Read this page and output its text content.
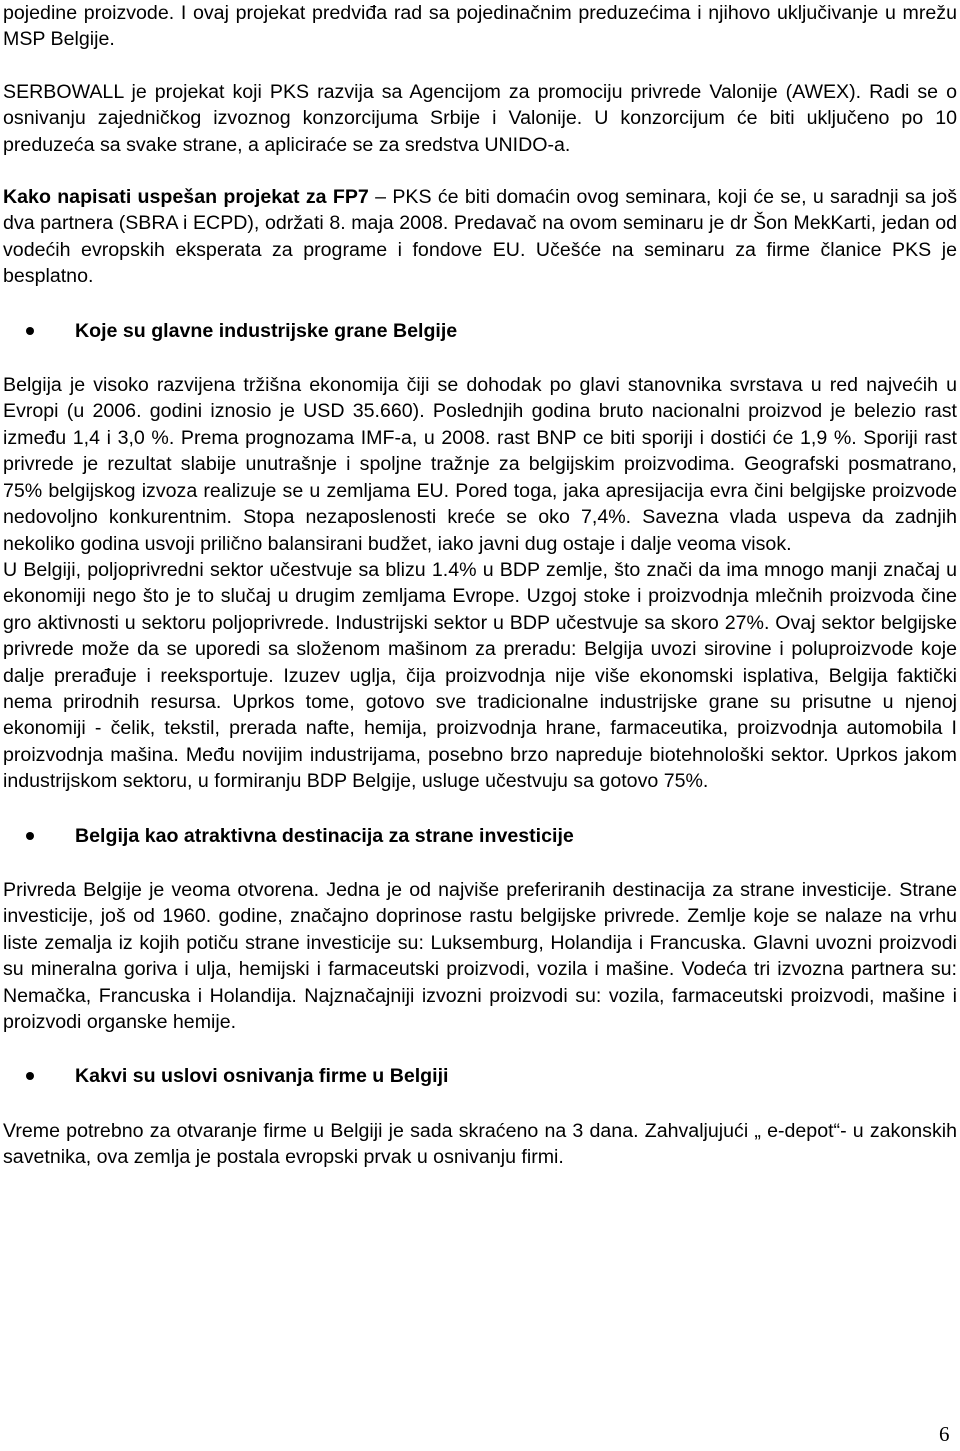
pojedine proizvode. I ovaj projekat predviđa rad sa pojedinačnim preduzećima i njihovo uključivanje u mrežu MSP Belgije.

SERBOWALL je projekat koji PKS razvija sa Agencijom za promociju privrede Valonije (AWEX). Radi se o osnivanju zajedničkog izvoznog konzorcijuma Srbije i Valonije. U konzorcijum će biti uključeno po 10 preduzeća sa svake strane, a apliciraće se za sredstva UNIDO-a.

Kako napisati uspešan projekat za FP7 – PKS će biti domaćin ovog seminara, koji će se, u saradnji sa još dva partnera (SBRA i ECPD), održati 8. maja 2008. Predavač na ovom seminaru je dr Šon MekKarti, jedan od vodećih evropskih eksperata za programe i fondove EU. Učešće na seminaru za firme članice PKS je besplatno.

Koje su glavne industrijske grane Belgije

Belgija je visoko razvijena tržišna ekonomija čiji se dohodak po glavi stanovnika svrstava u red najvećih u Evropi (u 2006. godini iznosio je USD 35.660). Poslednjih godina bruto nacionalni proizvod je belezio rast između 1,4 i 3,0 %. Prema prognozama IMF-a, u 2008. rast BNP ce biti sporiji i dostići će 1,9 %. Sporiji rast privrede je rezultat slabije unutrašnje i spoljne tražnje za belgijskim proizvodima. Geografski posmatrano, 75% belgijskog izvoza realizuje se u zemljama EU. Pored toga, jaka apresijacija evra čini belgijske proizvode nedovoljno konkurentnim. Stopa nezaposlenosti kreće se oko 7,4%. Savezna vlada uspeva da zadnjih nekoliko godina usvoji prilično balansirani budžet, iako javni dug ostaje i dalje veoma visok.

U Belgiji, poljoprivredni sektor učestvuje sa blizu 1.4% u BDP zemlje, što znači da ima mnogo manji značaj u ekonomiji nego što je to slučaj u drugim zemljama Evrope. Uzgoj stoke i proizvodnja mlečnih proizvoda čine gro aktivnosti u sektoru poljoprivrede. Industrijski sektor u BDP učestvuje sa skoro 27%. Ovaj sektor belgijske privrede može da se uporedi sa složenom mašinom za preradu: Belgija uvozi sirovine i poluproizvode koje dalje prerađuje i reeksportuje. Izuzev uglja, čija proizvodnja nije više ekonomski isplativa, Belgija faktički nema prirodnih resursa. Uprkos tome, gotovo sve tradicionalne industrijske grane su prisutne u njenoj ekonomiji - čelik, tekstil, prerada nafte, hemija, proizvodnja hrane, farmaceutika, proizvodnja automobila I proizvodnja mašina. Među novijim industrijama, posebno brzo napreduje biotehnološki sektor. Uprkos jakom industrijskom sektoru, u formiranju BDP Belgije, usluge učestvuju sa gotovo 75%.

Belgija kao atraktivna destinacija za strane investicije

Privreda Belgije je veoma otvorena. Jedna je od najviše preferiranih destinacija za strane investicije. Strane investicije, još od 1960. godine, značajno doprinose rastu belgijske privrede. Zemlje koje se nalaze na vrhu liste zemalja iz kojih potiču strane investicije su: Luksemburg, Holandija i Francuska. Glavni uvozni proizvodi su mineralna goriva i ulja, hemijski i farmaceutski proizvodi, vozila i mašine. Vodeća tri izvozna partnera su: Nemačka, Francuska i Holandija. Najznačajniji izvozni proizvodi su: vozila, farmaceutski proizvodi, mašine i proizvodi organske hemije.

Kakvi su uslovi osnivanja firme u Belgiji

Vreme potrebno za otvaranje firme u Belgiji je sada skraćeno na 3 dana. Zahvaljujući „ e-depot“- u zakonskih savetnika, ova zemlja je postala evropski prvak u osnivanju firmi.

6
